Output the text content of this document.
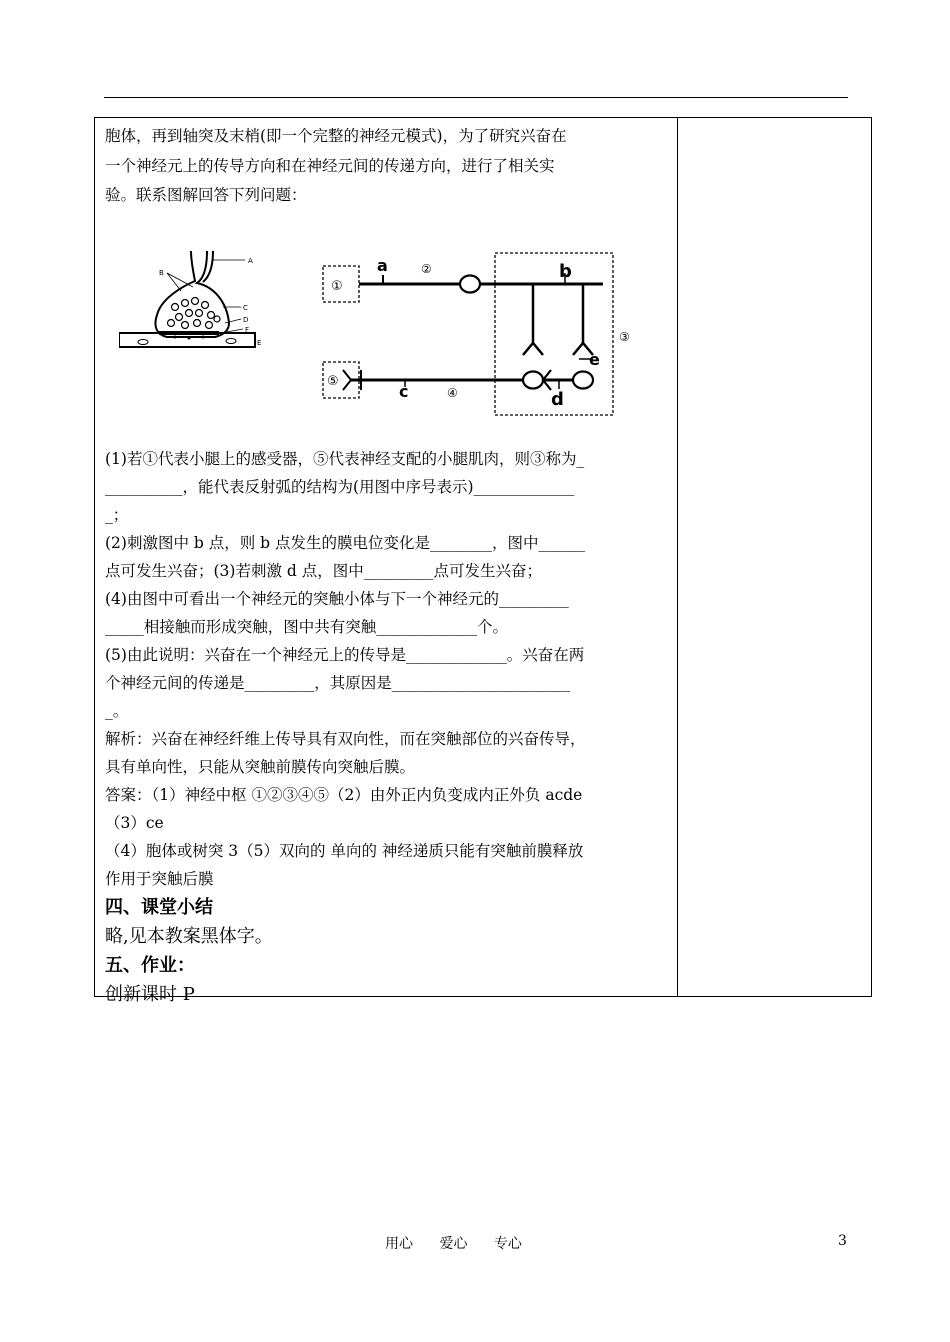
胞体，再到轴突及末梢(即一个完整的神经元模式)，为了研究兴奋在
一个神经元上的传导方向和在神经元间的传递方向，进行了相关实
验。联系图解回答下列问题：
A
B
C
D
F
E
①
a	②	b
③
e
⑤
c	④	d
(1)若①代表小腿上的感受器，⑤代表神经支配的小腿肌肉，则③称为_
__________，能代表反射弧的结构为(用图中序号表示)_____________
_；
(2)刺激图中 b 点，则 b 点发生的膜电位变化是________，图中______
点可发生兴奋；(3)若刺激 d 点，图中_________点可发生兴奋；
(4)由图中可看出一个神经元的突触小体与下一个神经元的_________
_____相接触而形成突触，图中共有突触_____________个。
(5)由此说明：兴奋在一个神经元上的传导是_____________。兴奋在两
个神经元间的传递是_________，其原因是_______________________
_。
解析：兴奋在神经纤维上传导具有双向性，而在突触部位的兴奋传导，
具有单向性，只能从突触前膜传向突触后膜。
答案：（1）神经中枢 ①②③④⑤（2）由外正内负变成内正外负 acde
（3）ce
（4）胞体或树突 3（5）双向的 单向的 神经递质只能有突触前膜释放
作用于突触后膜
四、课堂小结
略,见本教案黑体字。
五、作业：
创新课时 P
用心 爱心 专心	3
